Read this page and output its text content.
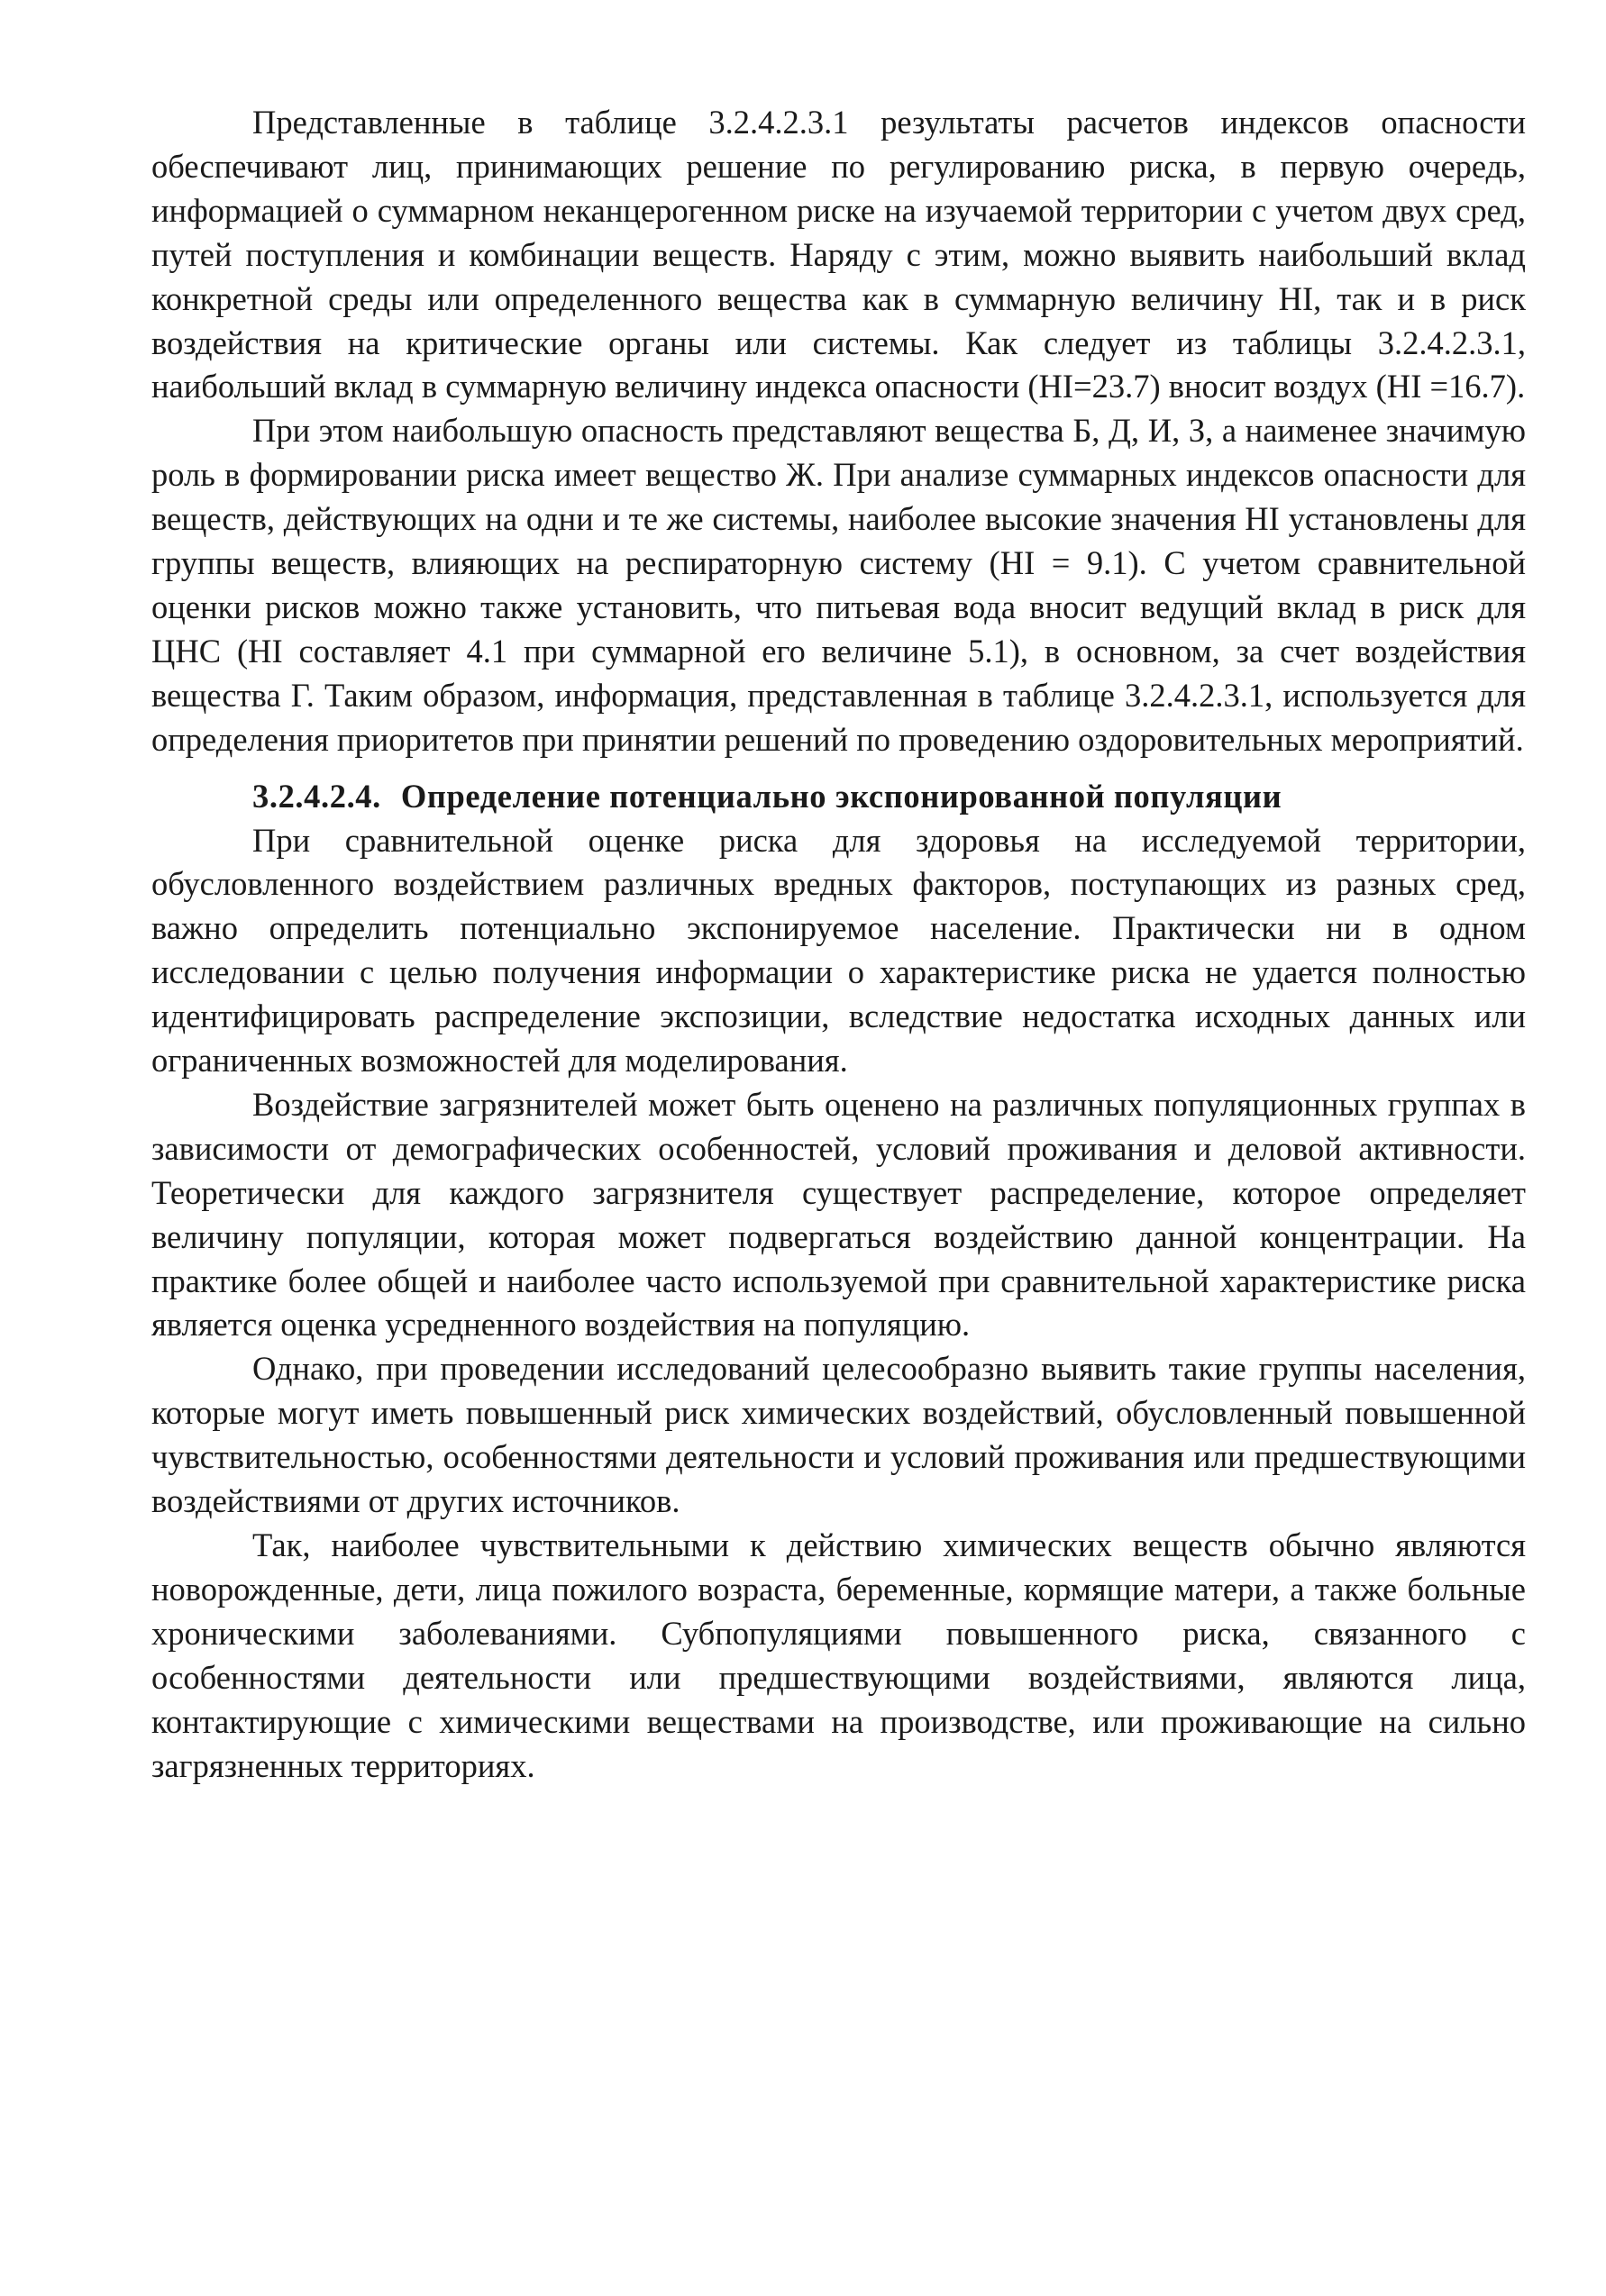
Представленные в таблице 3.2.4.2.3.1 результаты расчетов индексов опасности обеспечивают лиц, принимающих решение по регулированию риска, в первую очередь, информацией о суммарном неканцерогенном риске на изучаемой территории с учетом двух сред, путей поступления и комбинации веществ. Наряду с этим, можно выявить наибольший вклад конкретной среды или определенного вещества как в суммарную величину HI, так и в риск воздействия на критические органы или системы. Как следует из таблицы 3.2.4.2.3.1, наибольший вклад в суммарную величину индекса опасности (HI=23.7) вносит воздух (HI =16.7).

При этом наибольшую опасность представляют вещества Б, Д, И, З, а наименее значимую роль в формировании риска имеет вещество Ж. При анализе суммарных индексов опасности для веществ, действующих на одни и те же системы, наиболее высокие значения HI установлены для группы веществ, влияющих на респираторную систему (HI = 9.1). С учетом сравнительной оценки рисков можно также установить, что питьевая вода вносит ведущий вклад в риск для ЦНС (HI составляет 4.1 при суммарной его величине 5.1), в основном, за счет воздействия вещества Г. Таким образом, информация, представленная в таблице 3.2.4.2.3.1, используется для определения приоритетов при принятии решений по проведению оздоровительных мероприятий.

3.2.4.2.4. Определение потенциально экспонированной популяции

При сравнительной оценке риска для здоровья на исследуемой территории, обусловленного воздействием различных вредных факторов, поступающих из разных сред, важно определить потенциально экспонируемое население. Практически ни в одном исследовании с целью получения информации о характеристике риска не удается полностью идентифицировать распределение экспозиции, вследствие недостатка исходных данных или ограниченных возможностей для моделирования.

Воздействие загрязнителей может быть оценено на различных популяционных группах в зависимости от демографических особенностей, условий проживания и деловой активности. Теоретически для каждого загрязнителя существует распределение, которое определяет величину популяции, которая может подвергаться воздействию данной концентрации. На практике более общей и наиболее часто используемой при сравнительной характеристике риска является оценка усредненного воздействия на популяцию.

Однако, при проведении исследований целесообразно выявить такие группы населения, которые могут иметь повышенный риск химических воздействий, обусловленный повышенной чувствительностью, особенностями деятельности и условий проживания или предшествующими воздействиями от других источников.

Так, наиболее чувствительными к действию химических веществ обычно являются новорожденные, дети, лица пожилого возраста, беременные, кормящие матери, а также больные хроническими заболеваниями. Субпопуляциями повышенного риска, связанного с особенностями деятельности или предшествующими воздействиями, являются лица, контактирующие с химическими веществами на производстве, или проживающие на сильно загрязненных территориях.
